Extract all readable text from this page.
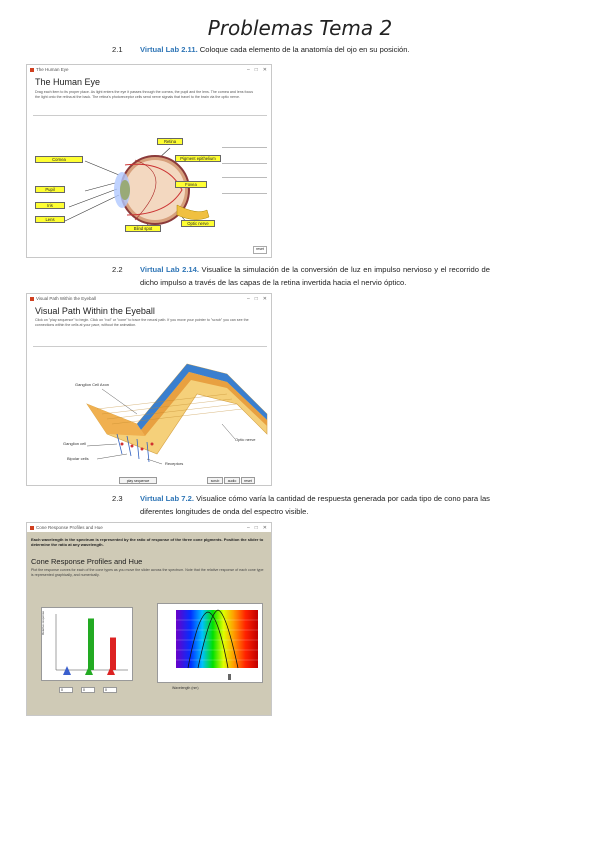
Problemas Tema 2
2.1 Virtual Lab 2.11. Coloque cada elemento de la anatomía del ojo en su posición.
The Human Eye	– □ ✕
The Human Eye
Drag each item to its proper place. As light enters the eye it passes through the cornea, the pupil and the lens. The cornea and lens focus the light onto the retina at the back. The retina's photoreceptor cells send nerve signals that travel to the brain via the optic nerve.
Retina
Pigment epithelium
Cornea
Fovea
Pupil
Iris
Lens
Blind spot
Optic nerve
reset
2.2 Virtual Lab 2.14. Visualice la simulación de la conversión de luz en impulso nervioso y el recorrido de dicho impulso a través de las capas de la retina invertida hacia el nervio óptico.
Visual Path Within the Eyeball	– □ ✕
Visual Path Within the Eyeball
Click on "play sequence" to begin. Click on "rod" or "cone" to trace the neural path. If you move your pointer to "scrub" you can see the connections within the cells at your pace, without the animation.
Ganglion Cell Axon
Ganglion cell
Bipolar cells
Receptors
Optic nerve
play sequence	scrub	audio	reset
2.3 Virtual Lab 7.2. Visualice cómo varía la cantidad de respuesta generada por cada tipo de cono para las diferentes longitudes de onda del espectro visible.
Cone Response Profiles and Hue	– □ ✕
Each wavelength in the spectrum is represented by the ratio of response of the three cone pigments. Position the slider to determine the ratio at any wavelength.
Cone Response Profiles and Hue
Plot the response curves for each of the cone types as you move the slider across the spectrum. Note that the relative response of each cone type is represented graphically, and numerically.
Relative response
0	0	0	Wavelength (nm)
